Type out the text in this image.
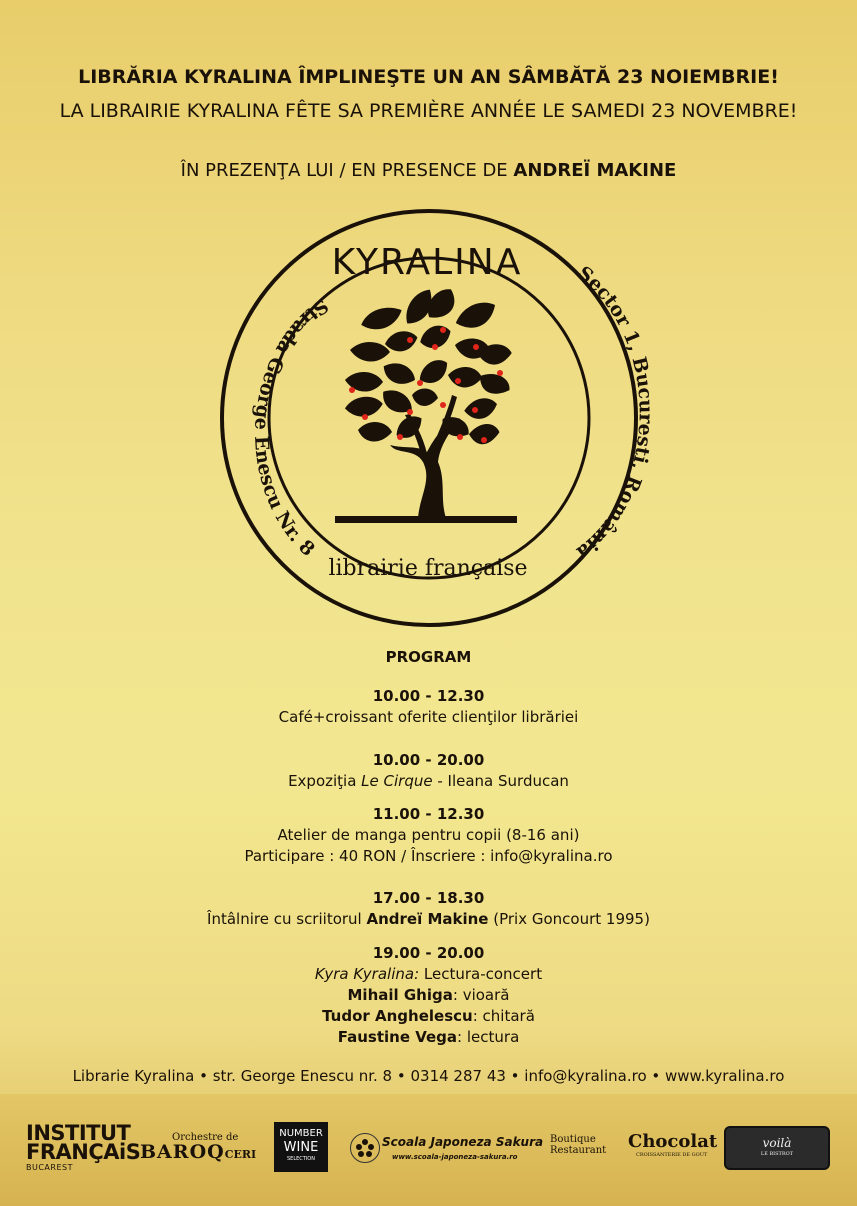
LIBRĂRIA KYRALINA ÎMPLINEŞTE UN AN SÂMBĂTĂ 23 NOIEMBRIE!
LA LIBRAIRIE KYRALINA FÊTE SA PREMIÈRE ANNÉE LE SAMEDI 23 NOVEMBRE!
ÎN PREZENŢA LUI / EN PRESENCE DE ANDREÏ MAKINE
KYRALINA
librairie française
Strada George Enescu Nr. 8
Sector 1, Bucureşti, România
PROGRAM
10.00 - 12.30
Café+croissant oferite clienţilor librăriei
10.00 - 20.00
Expoziţia Le Cirque - Ileana Surducan
11.00 - 12.30
Atelier de manga pentru copii (8-16 ani)
Participare : 40 RON / Înscriere : info@kyralina.ro
17.00 - 18.30
Întâlnire cu scriitorul Andreï Makine (Prix Goncourt 1995)
19.00 - 20.00
Kyra Kyralina: Lectura-concert
Mihail Ghiga: vioară
Tudor Anghelescu: chitară
Faustine Vega: lectura
Librarie Kyralina • str. George Enescu nr. 8 • 0314 287 43 • info@kyralina.ro • www.kyralina.ro
INSTITUT
FRANÇAiS
BUCAREST
Orchestre de
BAROQCERI
NUMBER
WINE
SELECTION
Scoala Japoneza Sakura
www.scoala-japoneza-sakura.ro
Boutique
Restaurant Chocolat
CROISSANTERIE DE GOUT
voilà
LE BISTROT
